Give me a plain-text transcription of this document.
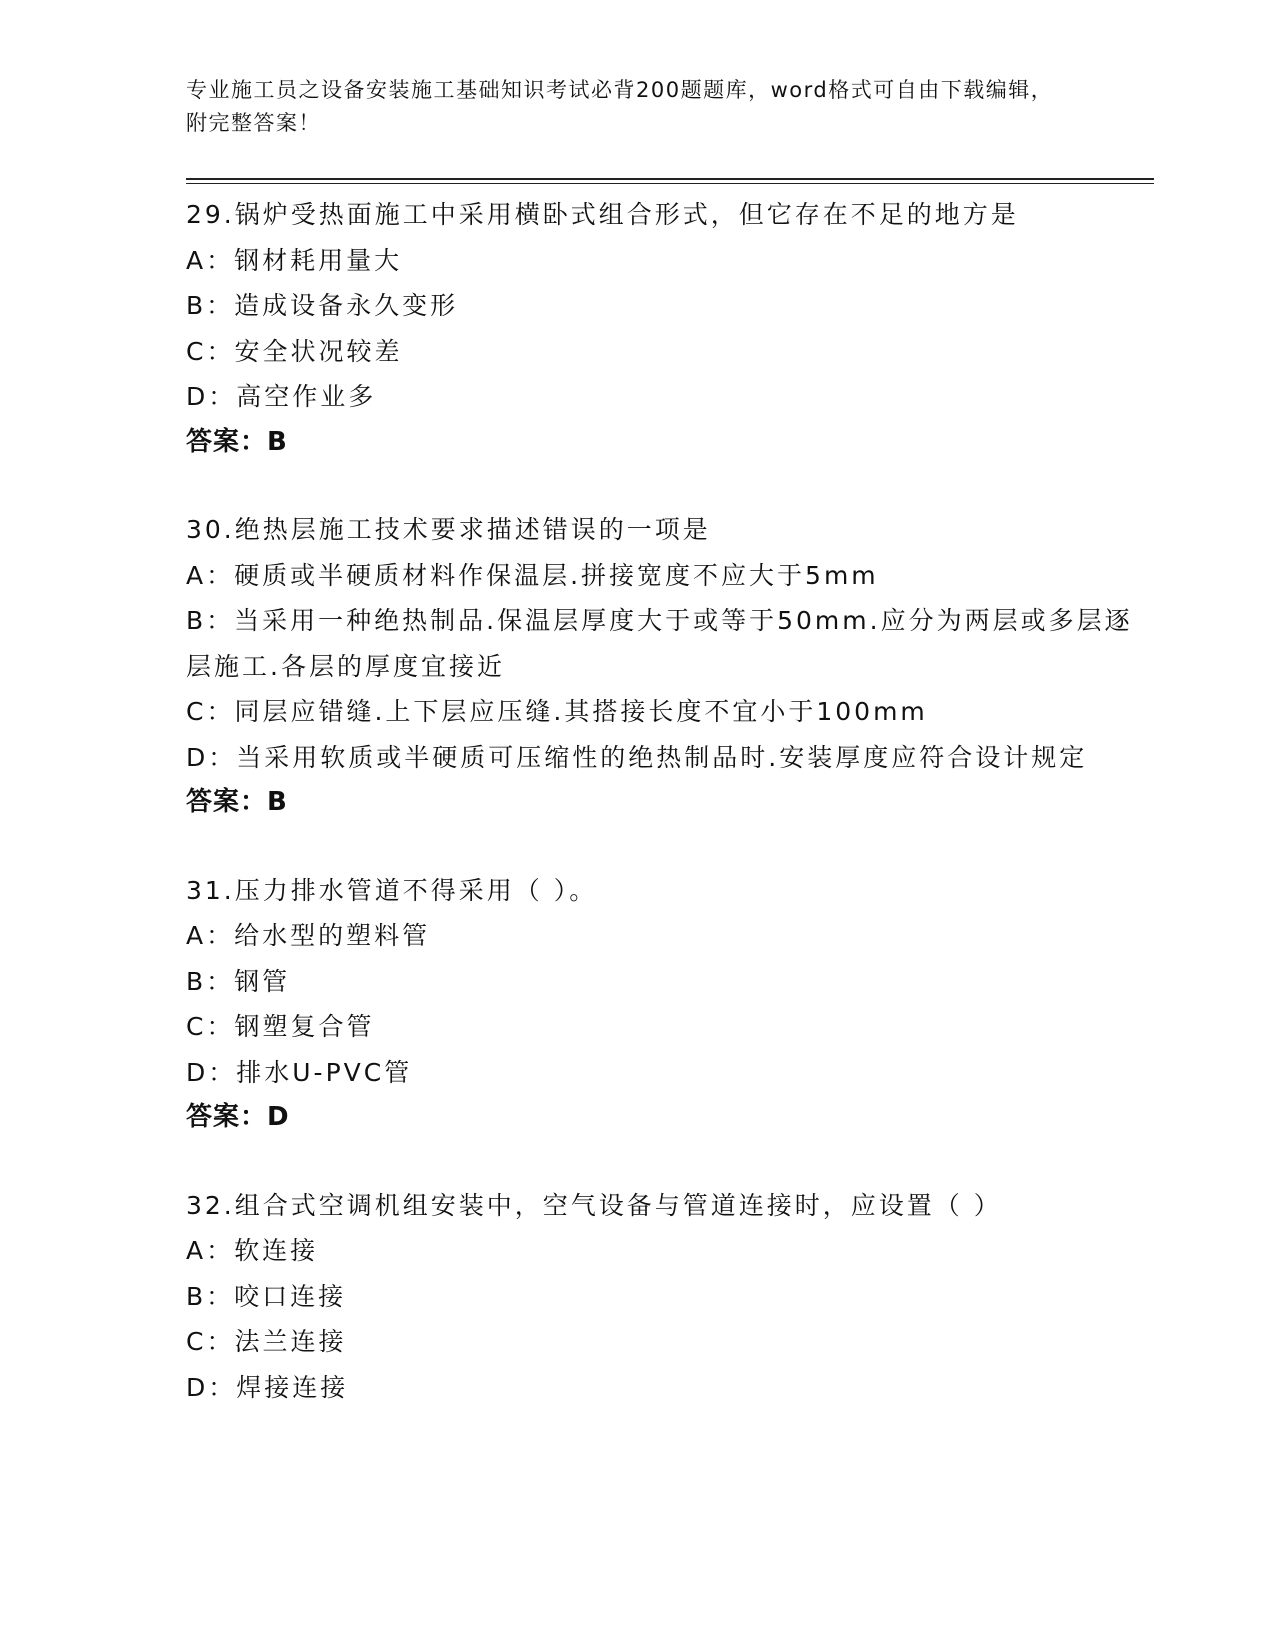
专业施工员之设备安装施工基础知识考试必背200题题库，word格式可自由下载编辑，附完整答案！
29.锅炉受热面施工中采用横卧式组合形式，但它存在不足的地方是
A：钢材耗用量大
B：造成设备永久变形
C：安全状况较差
D：高空作业多
答案：B
30.绝热层施工技术要求描述错误的一项是
A：硬质或半硬质材料作保温层.拼接宽度不应大于5mm
B：当采用一种绝热制品.保温层厚度大于或等于50mm.应分为两层或多层逐层施工.各层的厚度宜接近
C：同层应错缝.上下层应压缝.其搭接长度不宜小于100mm
D：当采用软质或半硬质可压缩性的绝热制品时.安装厚度应符合设计规定
答案：B
31.压力排水管道不得采用（ ）。
A：给水型的塑料管
B：钢管
C：钢塑复合管
D：排水U-PVC管
答案：D
32.组合式空调机组安装中，空气设备与管道连接时，应设置（ ）
A：软连接
B：咬口连接
C：法兰连接
D：焊接连接
